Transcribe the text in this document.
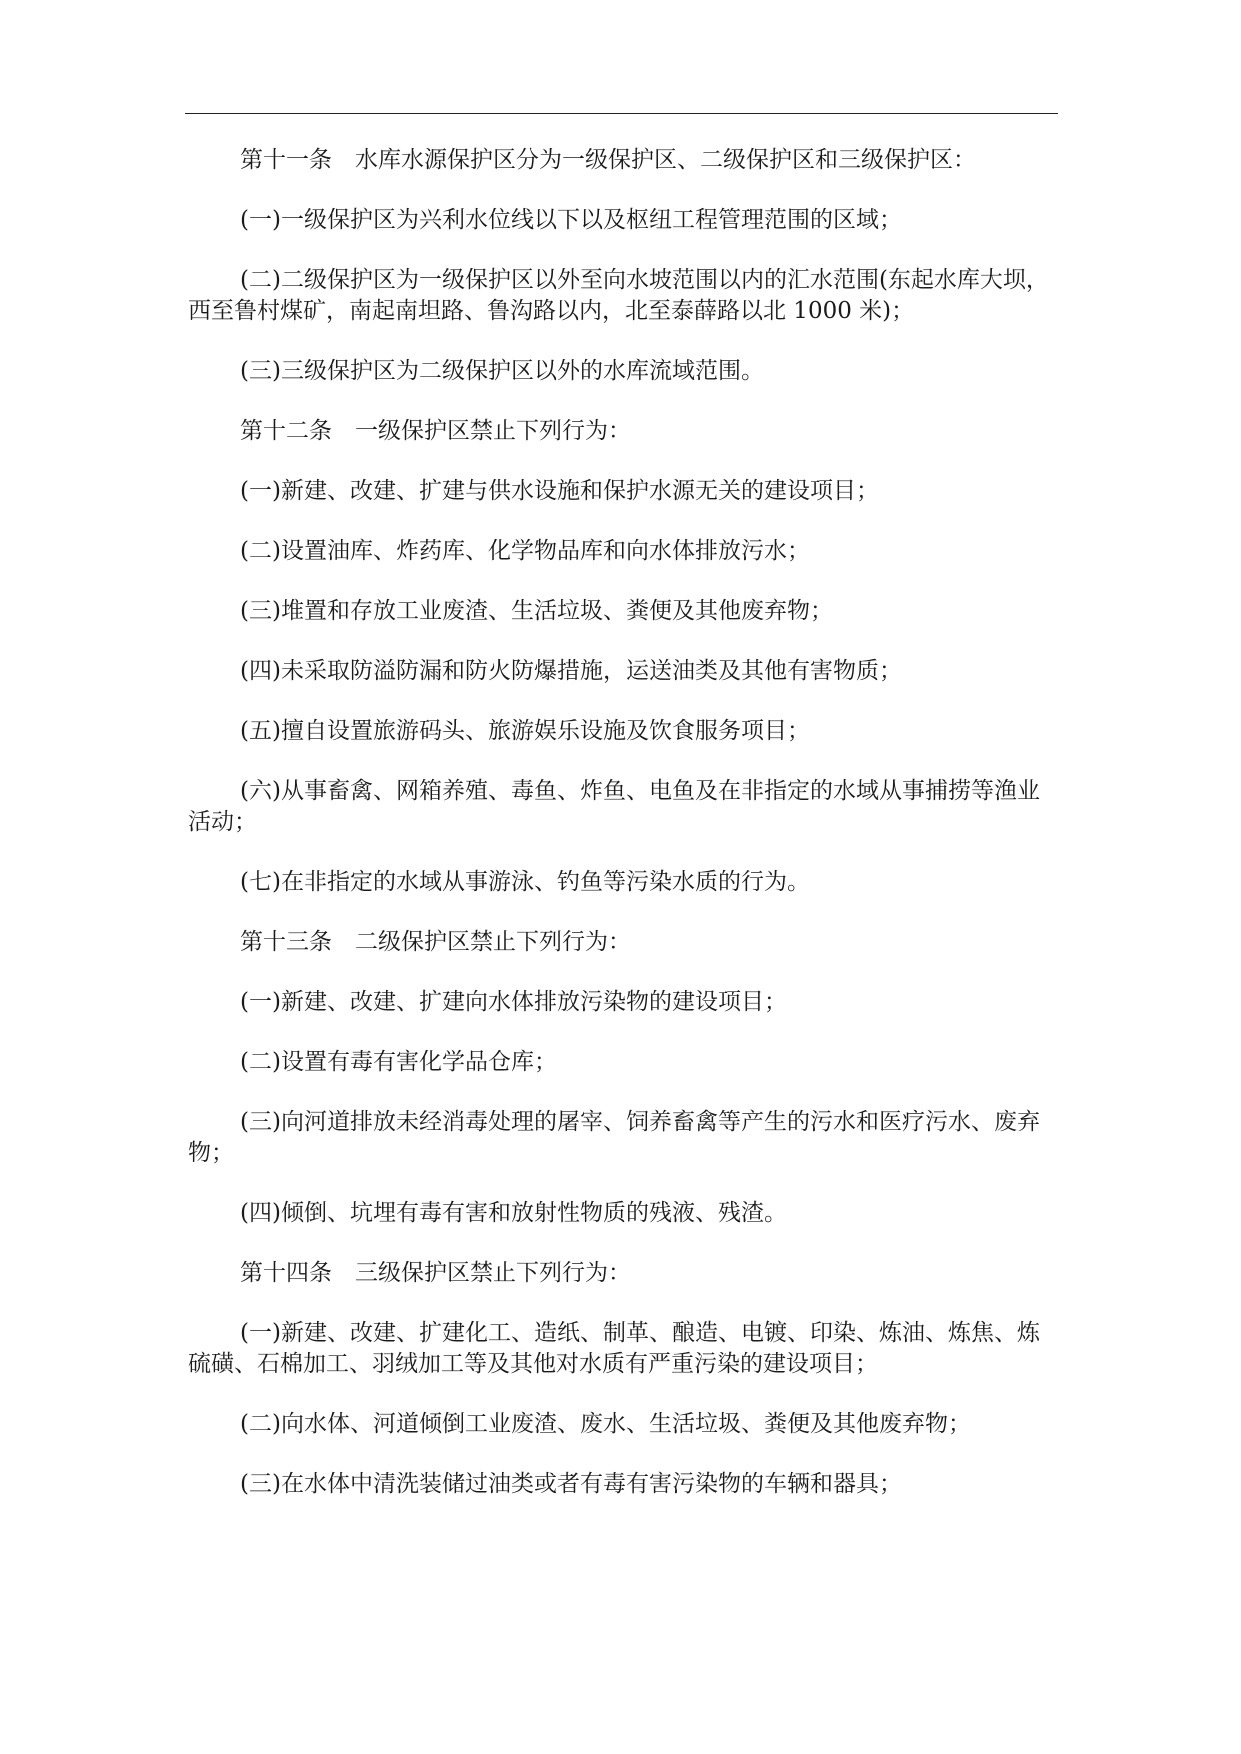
第十一条　水库水源保护区分为一级保护区、二级保护区和三级保护区：

(一)一级保护区为兴利水位线以下以及枢纽工程管理范围的区域；

(二)二级保护区为一级保护区以外至向水坡范围以内的汇水范围(东起水库大坝，西至鲁村煤矿，南起南坦路、鲁沟路以内，北至泰薛路以北 1000 米)；

(三)三级保护区为二级保护区以外的水库流域范围。

第十二条　一级保护区禁止下列行为：

(一)新建、改建、扩建与供水设施和保护水源无关的建设项目；

(二)设置油库、炸药库、化学物品库和向水体排放污水；

(三)堆置和存放工业废渣、生活垃圾、粪便及其他废弃物；

(四)未采取防溢防漏和防火防爆措施，运送油类及其他有害物质；

(五)擅自设置旅游码头、旅游娱乐设施及饮食服务项目；

(六)从事畜禽、网箱养殖、毒鱼、炸鱼、电鱼及在非指定的水域从事捕捞等渔业活动；

(七)在非指定的水域从事游泳、钓鱼等污染水质的行为。

第十三条　二级保护区禁止下列行为：

(一)新建、改建、扩建向水体排放污染物的建设项目；

(二)设置有毒有害化学品仓库；

(三)向河道排放未经消毒处理的屠宰、饲养畜禽等产生的污水和医疗污水、废弃物；

(四)倾倒、坑埋有毒有害和放射性物质的残液、残渣。

第十四条　三级保护区禁止下列行为：

(一)新建、改建、扩建化工、造纸、制革、酿造、电镀、印染、炼油、炼焦、炼硫磺、石棉加工、羽绒加工等及其他对水质有严重污染的建设项目；

(二)向水体、河道倾倒工业废渣、废水、生活垃圾、粪便及其他废弃物；

(三)在水体中清洗装储过油类或者有毒有害污染物的车辆和器具；
